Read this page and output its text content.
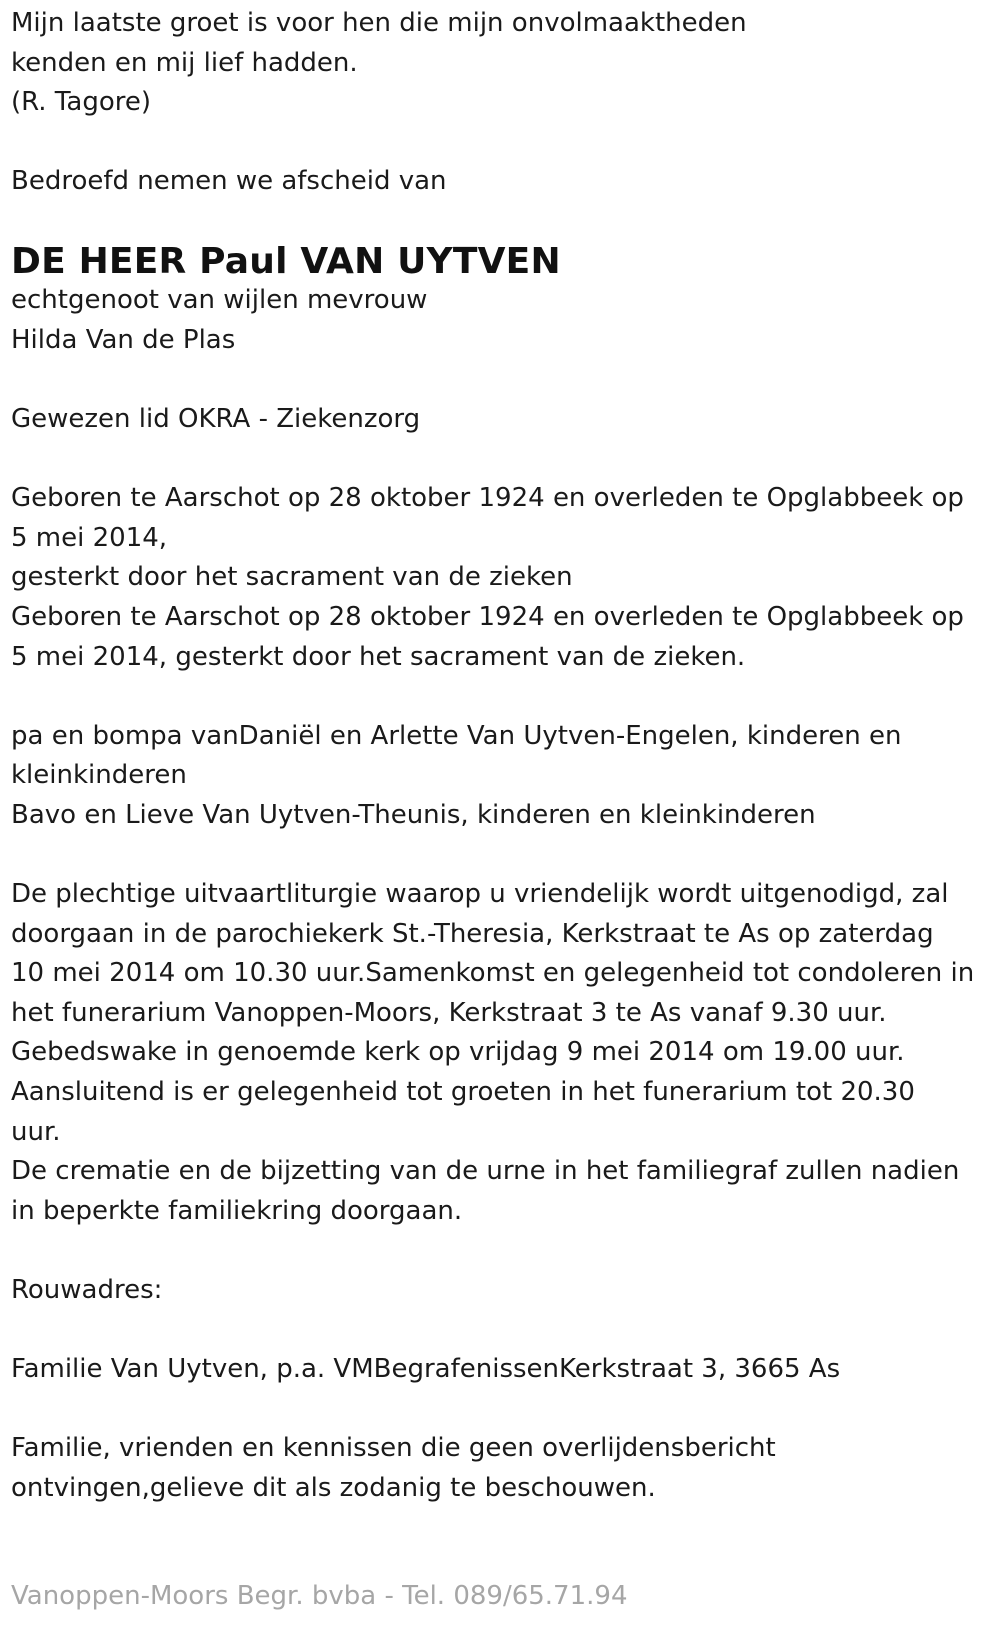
Mijn laatste groet is voor hen die mijn onvolmaaktheden

kenden en mij lief hadden.

(R. Tagore)

Bedroefd nemen we afscheid van

DE HEER Paul VAN UYTVEN

echtgenoot van wijlen mevrouw

Hilda Van de Plas

Gewezen lid OKRA - Ziekenzorg

Geboren te Aarschot op 28 oktober 1924 en overleden te Opglabbeek op

5 mei 2014,

gesterkt door het sacrament van de zieken

Geboren te Aarschot op 28 oktober 1924 en overleden te Opglabbeek op

5 mei 2014, gesterkt door het sacrament van de zieken.

pa en bompa vanDaniël en Arlette Van Uytven-Engelen, kinderen en

kleinkinderen

Bavo en Lieve Van Uytven-Theunis, kinderen en kleinkinderen

De plechtige uitvaartliturgie waarop u vriendelijk wordt uitgenodigd, zal

doorgaan in de parochiekerk St.-Theresia, Kerkstraat te As op zaterdag

10 mei 2014 om 10.30 uur.Samenkomst en gelegenheid tot condoleren in

het funerarium Vanoppen-Moors, Kerkstraat 3 te As vanaf 9.30 uur.

Gebedswake in genoemde kerk op vrijdag 9 mei 2014 om 19.00 uur.

Aansluitend is er gelegenheid tot groeten in het funerarium tot 20.30

uur.

De crematie en de bijzetting van de urne in het familiegraf zullen nadien

in beperkte familiekring doorgaan.

Rouwadres:

Familie Van Uytven, p.a. VMBegrafenissenKerkstraat 3, 3665 As

Familie, vrienden en kennissen die geen overlijdensbericht

ontvingen,gelieve dit als zodanig te beschouwen.

Vanoppen-Moors Begr. bvba - Tel. 089/65.71.94
